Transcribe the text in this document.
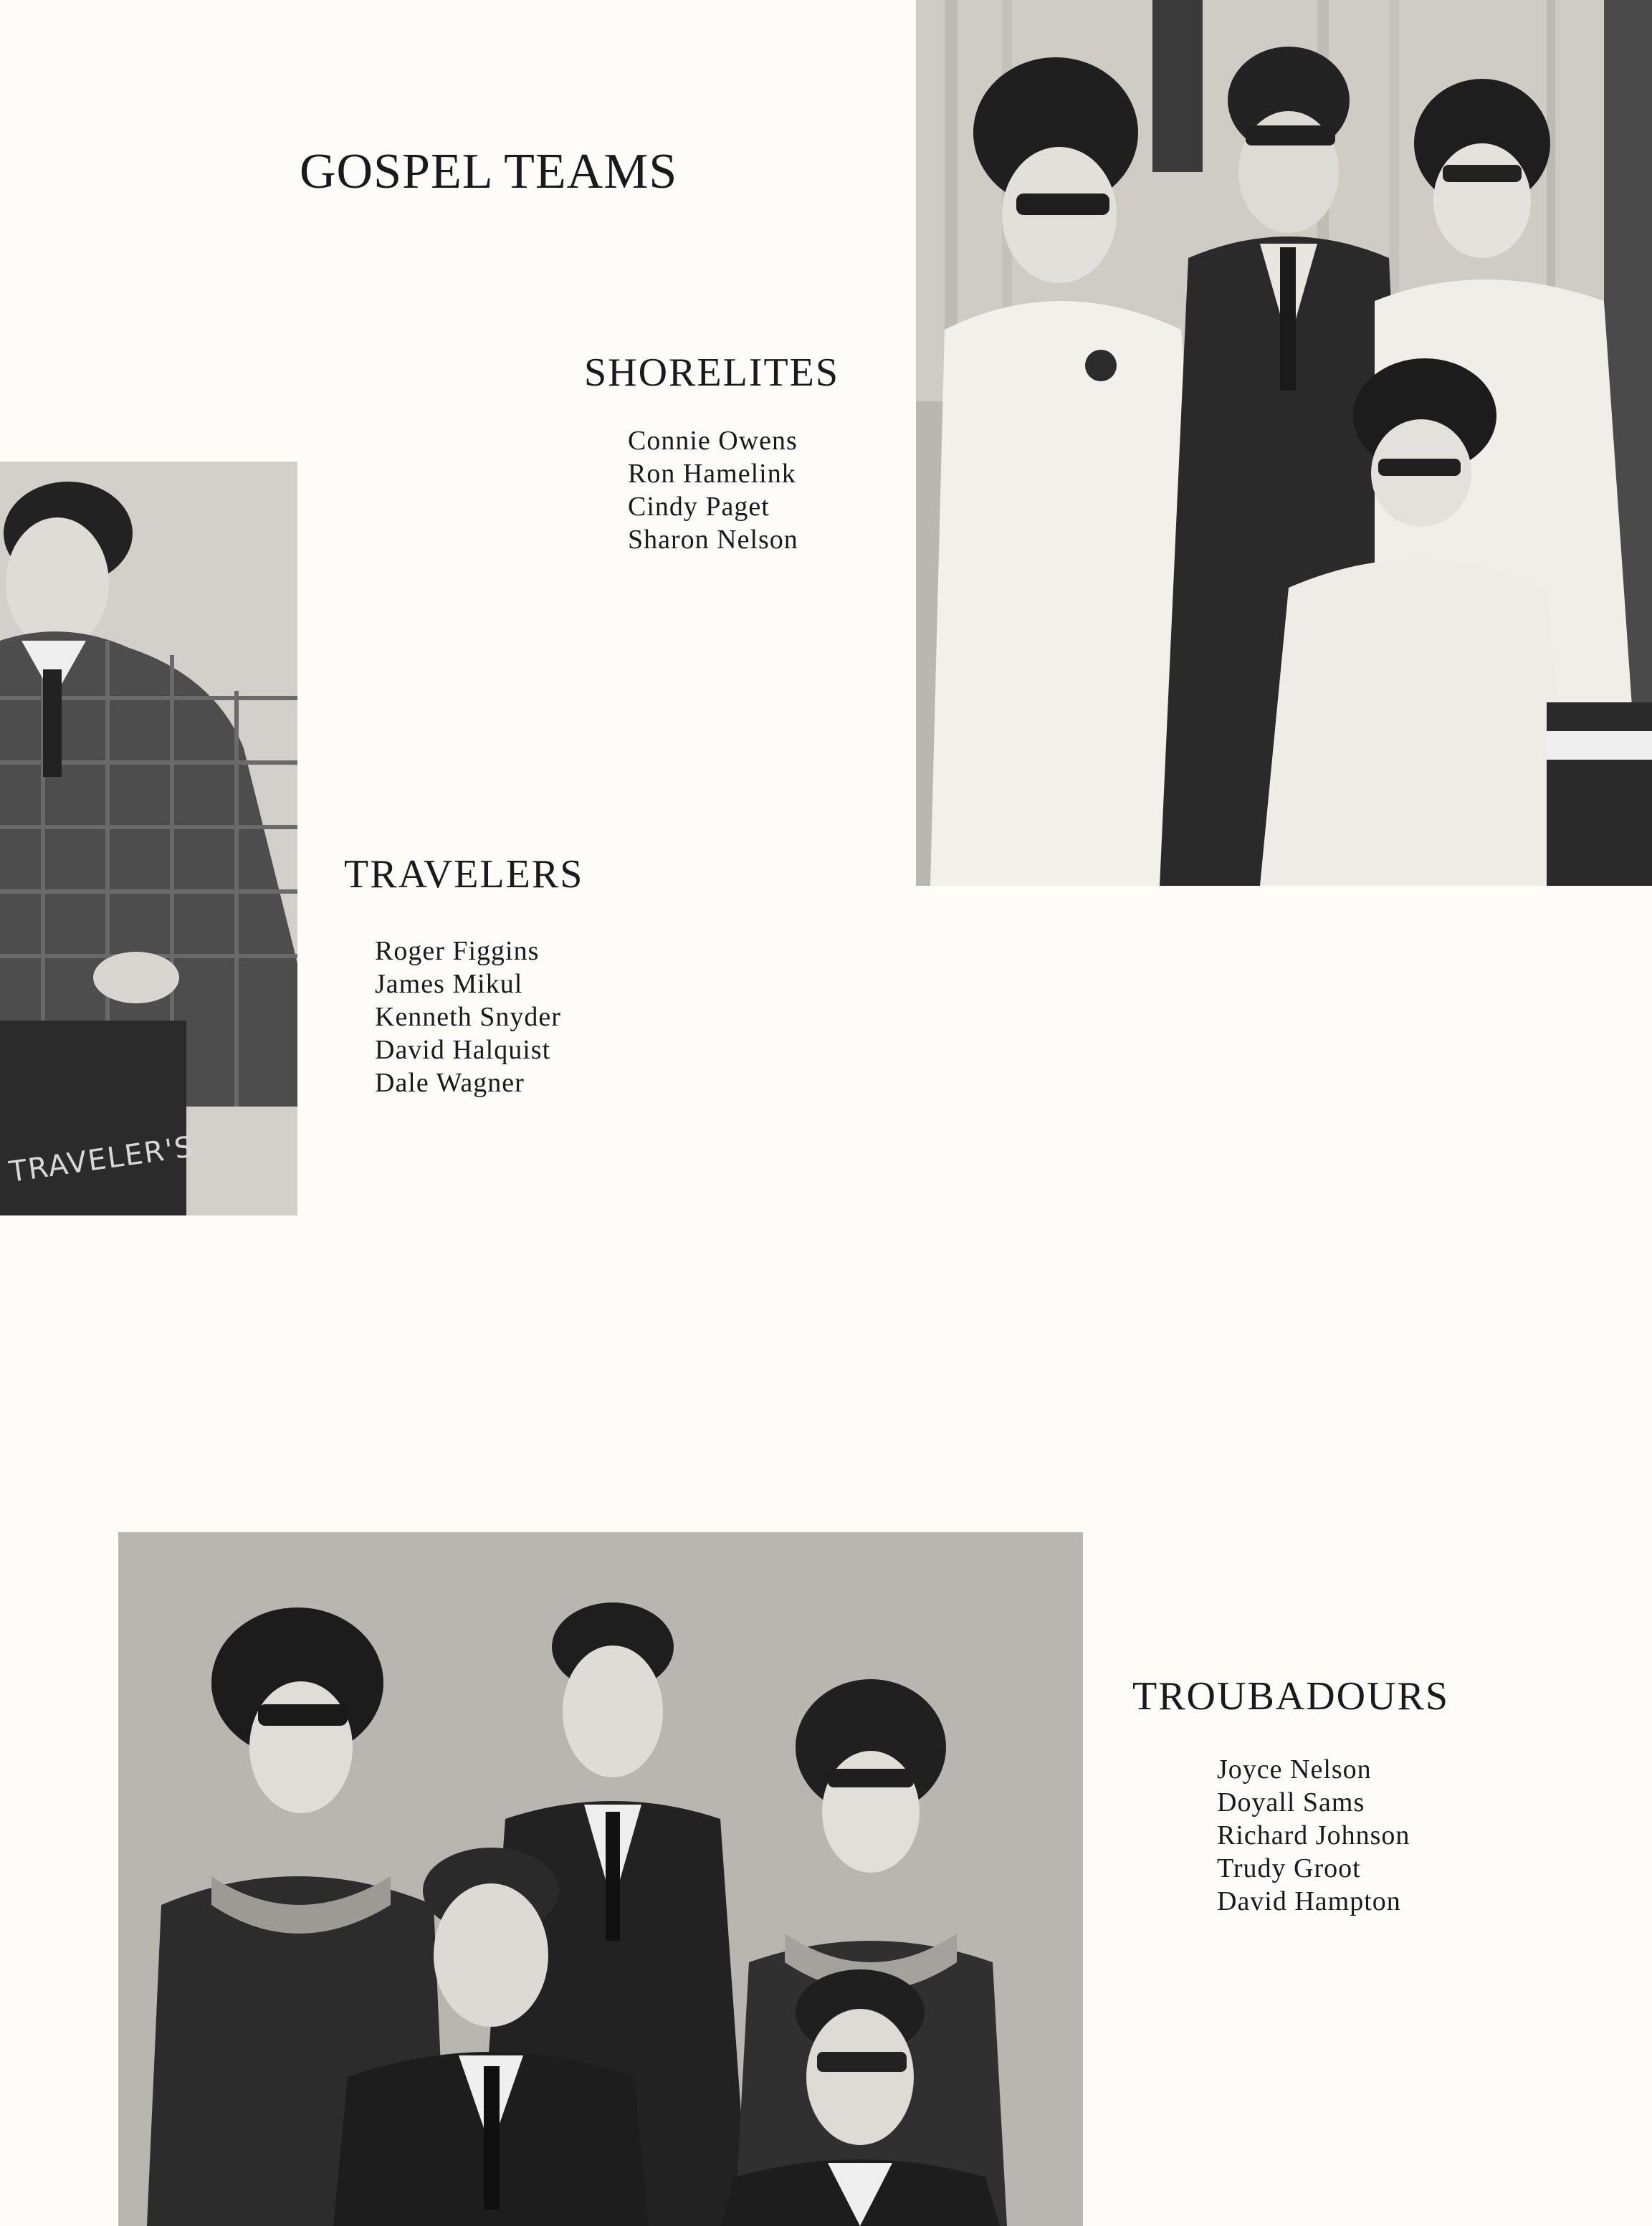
GOSPEL TEAMS
SHORELITES
Connie Owens
Ron Hamelink
Cindy Paget
Sharon Nelson
TRAVELER'S
TRAVELERS
Roger Figgins
James Mikul
Kenneth Snyder
David Halquist
Dale Wagner
TROUBADOURS
Joyce Nelson
Doyall Sams
Richard Johnson
Trudy Groot
David Hampton
